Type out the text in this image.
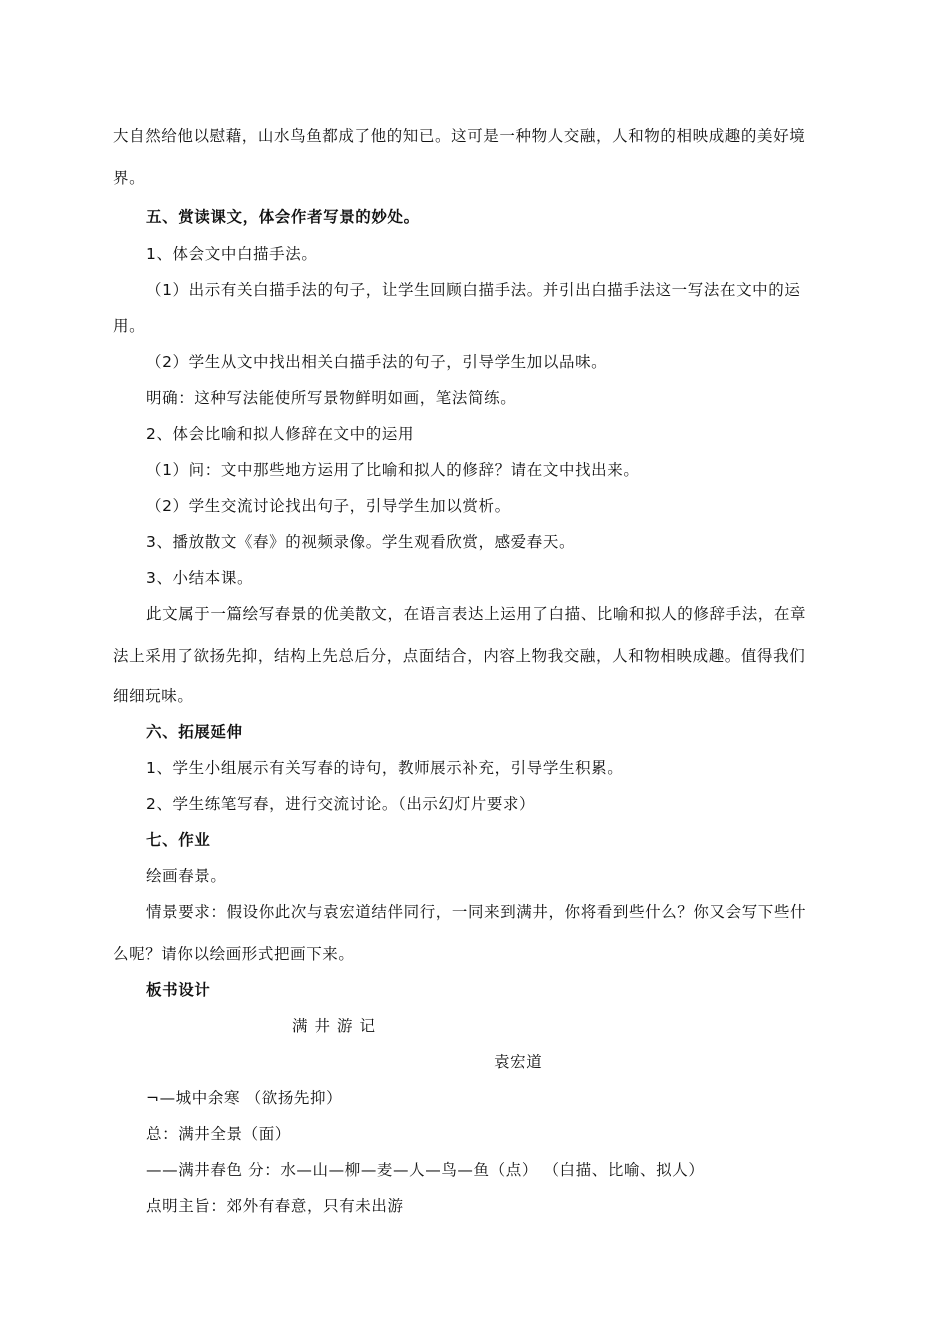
大自然给他以慰藉，山水鸟鱼都成了他的知已。这可是一种物人交融，人和物的相映成趣的美好境
界。
五、赏读课文，体会作者写景的妙处。
1、体会文中白描手法。
（1）出示有关白描手法的句子，让学生回顾白描手法。并引出白描手法这一写法在文中的运
用。
（2）学生从文中找出相关白描手法的句子，引导学生加以品味。
明确：这种写法能使所写景物鲜明如画，笔法简练。
2、体会比喻和拟人修辞在文中的运用
（1）问：文中那些地方运用了比喻和拟人的修辞？请在文中找出来。
（2）学生交流讨论找出句子，引导学生加以赏析。
3、播放散文《春》的视频录像。学生观看欣赏，感爱春天。
3、小结本课。
此文属于一篇绘写春景的优美散文，在语言表达上运用了白描、比喻和拟人的修辞手法，在章
法上采用了欲扬先抑，结构上先总后分，点面结合，内容上物我交融，人和物相映成趣。值得我们
细细玩味。
六、拓展延伸
1、学生小组展示有关写春的诗句，教师展示补充，引导学生积累。
2、学生练笔写春，进行交流讨论。（出示幻灯片要求）
七、作业
绘画春景。
情景要求：假设你此次与袁宏道结伴同行，一同来到满井，你将看到些什么？你又会写下些什
么呢？请你以绘画形式把画下来。
板书设计
满井游记
袁宏道
¬—城中余寒 （欲扬先抑）
总：满井全景（面）
——满井春色 分：水—山—柳—麦—人—鸟—鱼（点） （白描、比喻、拟人）
点明主旨：郊外有春意，只有未出游
